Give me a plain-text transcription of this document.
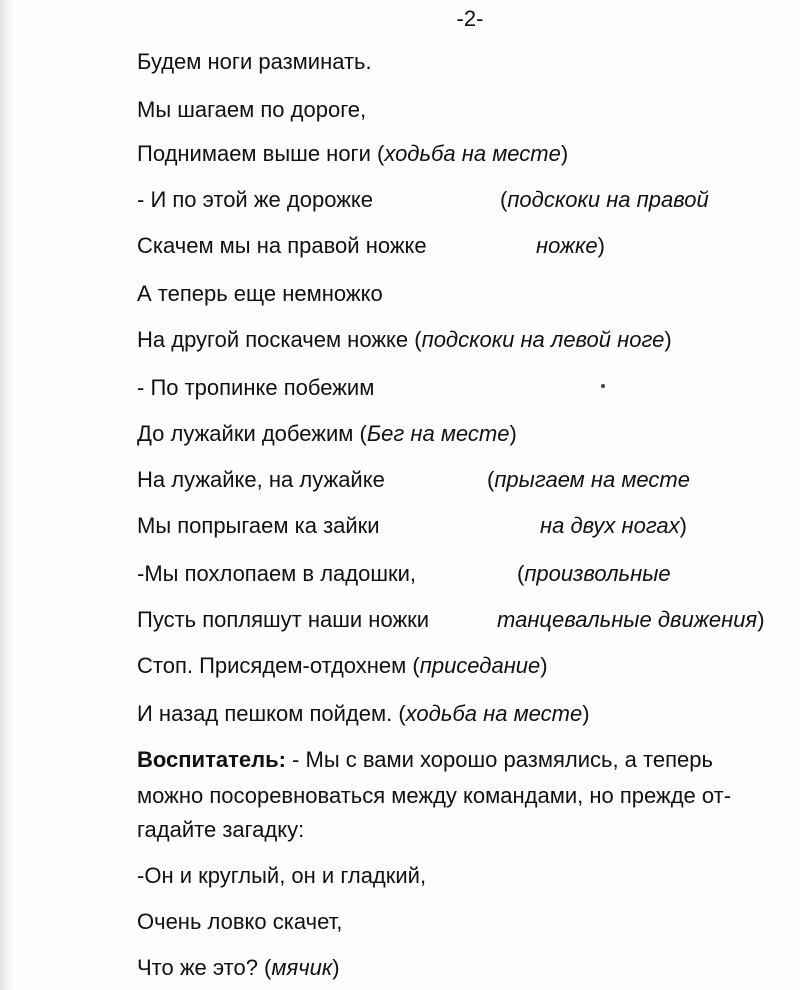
-2-
Будем ноги разминать.
Мы шагаем по дороге,
Поднимаем выше ноги (ходьба на месте)
- И по этой же дорожке
Скачем мы на правой ножке
А теперь еще немножко
На другой поскачем ножке (подскоки на левой ноге)
- По тропинке побежим
До лужайки добежим (Бег на месте)
На лужайке, на лужайке
Мы попрыгаем ка зайки
-Мы похлопаем в ладошки,
Пусть попляшут наши ножки
Стоп. Присядем-отдохнем (приседание)
И назад пешком пойдем. (ходьба на месте)
(подскоки на правой
ножке)
(прыгаем на месте
на двух ногах)
(произвольные
танцевальные движения)
Воспитатель: - Мы с вами хорошо размялись, а теперь
можно посоревноваться между командами, но прежде от-
гадайте загадку:
-Он и круглый, он и гладкий,
Очень ловко скачет,
Что же это? (мячик)
